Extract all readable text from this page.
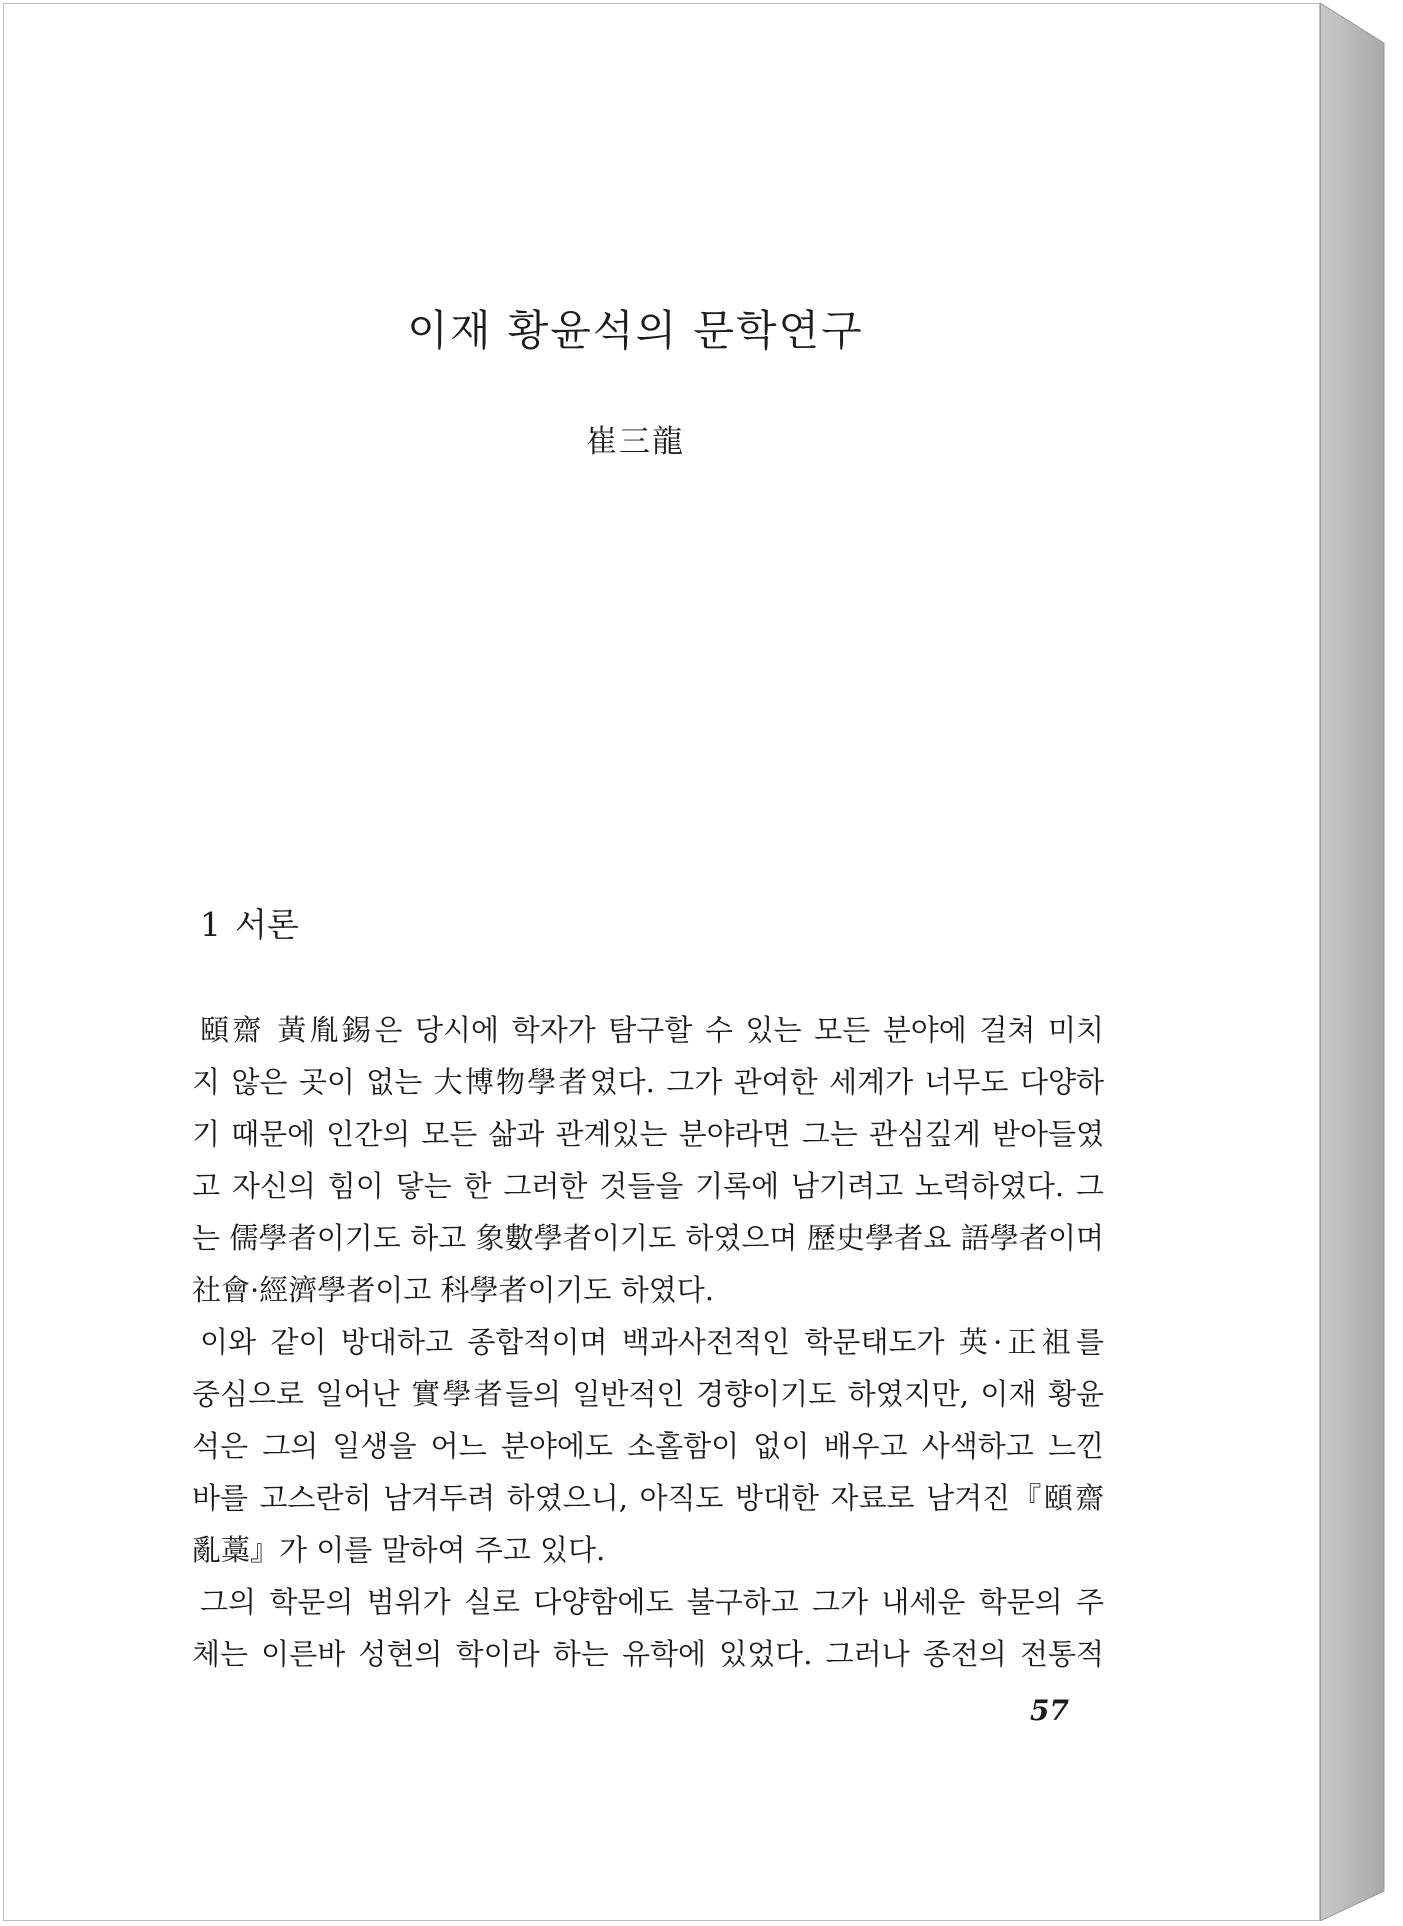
이재 황윤석의 문학연구
崔三龍
1 서론
頤齋 黃胤錫은 당시에 학자가 탐구할 수 있는 모든 분야에 걸쳐 미치
지 않은 곳이 없는 大博物學者였다. 그가 관여한 세계가 너무도 다양하
기 때문에 인간의 모든 삶과 관계있는 분야라면 그는 관심깊게 받아들였
고 자신의 힘이 닿는 한 그러한 것들을 기록에 남기려고 노력하였다. 그
는 儒學者이기도 하고 象數學者이기도 하였으며 歷史學者요 語學者이며
社會·經濟學者이고 科學者이기도 하였다.
이와 같이 방대하고 종합적이며 백과사전적인 학문태도가 英·正祖를
중심으로 일어난 實學者들의 일반적인 경향이기도 하였지만, 이재 황윤
석은 그의 일생을 어느 분야에도 소홀함이 없이 배우고 사색하고 느낀
바를 고스란히 남겨두려 하였으니, 아직도 방대한 자료로 남겨진『頤齋
亂藁』가 이를 말하여 주고 있다.
그의 학문의 범위가 실로 다양함에도 불구하고 그가 내세운 학문의 주
체는 이른바 성현의 학이라 하는 유학에 있었다. 그러나 종전의 전통적

57
